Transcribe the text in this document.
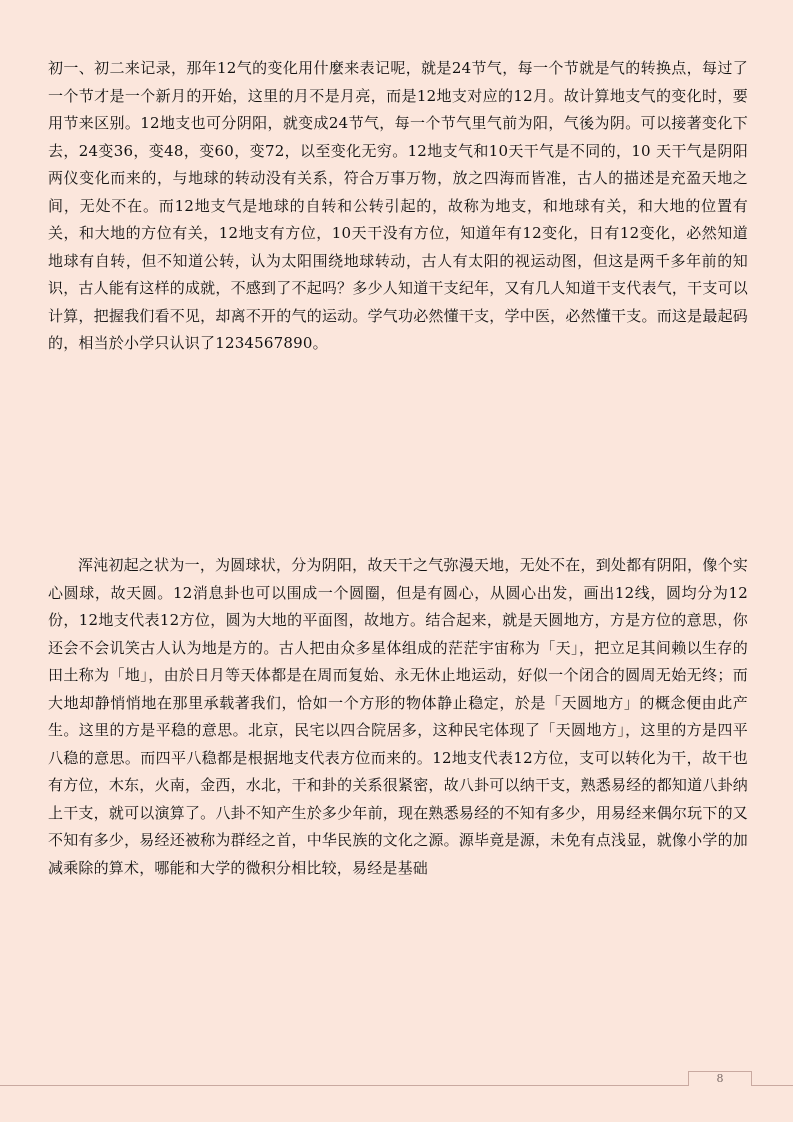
初一、初二来记录，那年12气的变化用什麼来表记呢，就是24节气，每一个节就是气的转换点，每过了一个节才是一个新月的开始，这里的月不是月亮，而是12地支对应的12月。故计算地支气的变化时，要用节来区别。12地支也可分阴阳，就变成24节气，每一个节气里气前为阳，气後为阴。可以接著变化下去，24变36，变48，变60，变72，以至变化无穷。12地支气和10天干气是不同的，10 天干气是阴阳两仪变化而来的，与地球的转动没有关系，符合万事万物，放之四海而皆准，古人的描述是充盈天地之间，无处不在。而12地支气是地球的自转和公转引起的，故称为地支，和地球有关，和大地的位置有关，和大地的方位有关，12地支有方位，10天干没有方位，知道年有12变化，日有12变化，必然知道地球有自转，但不知道公转，认为太阳围绕地球转动，古人有太阳的视运动图，但这是两千多年前的知识，古人能有这样的成就，不感到了不起吗？多少人知道干支纪年，又有几人知道干支代表气，干支可以计算，把握我们看不见，却离不开的气的运动。学气功必然懂干支，学中医，必然懂干支。而这是最起码的，相当於小学只认识了1234567890。

浑沌初起之状为一，为圆球状，分为阴阳，故天干之气弥漫天地，无处不在，到处都有阴阳，像个实心圆球，故天圆。12消息卦也可以围成一个圆圈，但是有圆心，从圆心出发，画出12线，圆均分为12份，12地支代表12方位，圆为大地的平面图，故地方。结合起来，就是天圆地方，方是方位的意思，你还会不会讥笑古人认为地是方的。古人把由众多星体组成的茫茫宇宙称为「天」，把立足其间赖以生存的田土称为「地」，由於日月等天体都是在周而复始、永无休止地运动，好似一个闭合的圆周无始无终；而大地却静悄悄地在那里承载著我们，恰如一个方形的物体静止稳定，於是「天圆地方」的概念便由此产生。这里的方是平稳的意思。北京，民宅以四合院居多，这种民宅体现了「天圆地方」，这里的方是四平八稳的意思。而四平八稳都是根据地支代表方位而来的。12地支代表12方位，支可以转化为干，故干也有方位，木东，火南，金西，水北，干和卦的关系很紧密，故八卦可以纳干支，熟悉易经的都知道八卦纳上干支，就可以演算了。八卦不知产生於多少年前，现在熟悉易经的不知有多少，用易经来偶尔玩下的又不知有多少，易经还被称为群经之首，中华民族的文化之源。源毕竟是源，未免有点浅显，就像小学的加减乘除的算术，哪能和大学的微积分相比较，易经是基础

8
